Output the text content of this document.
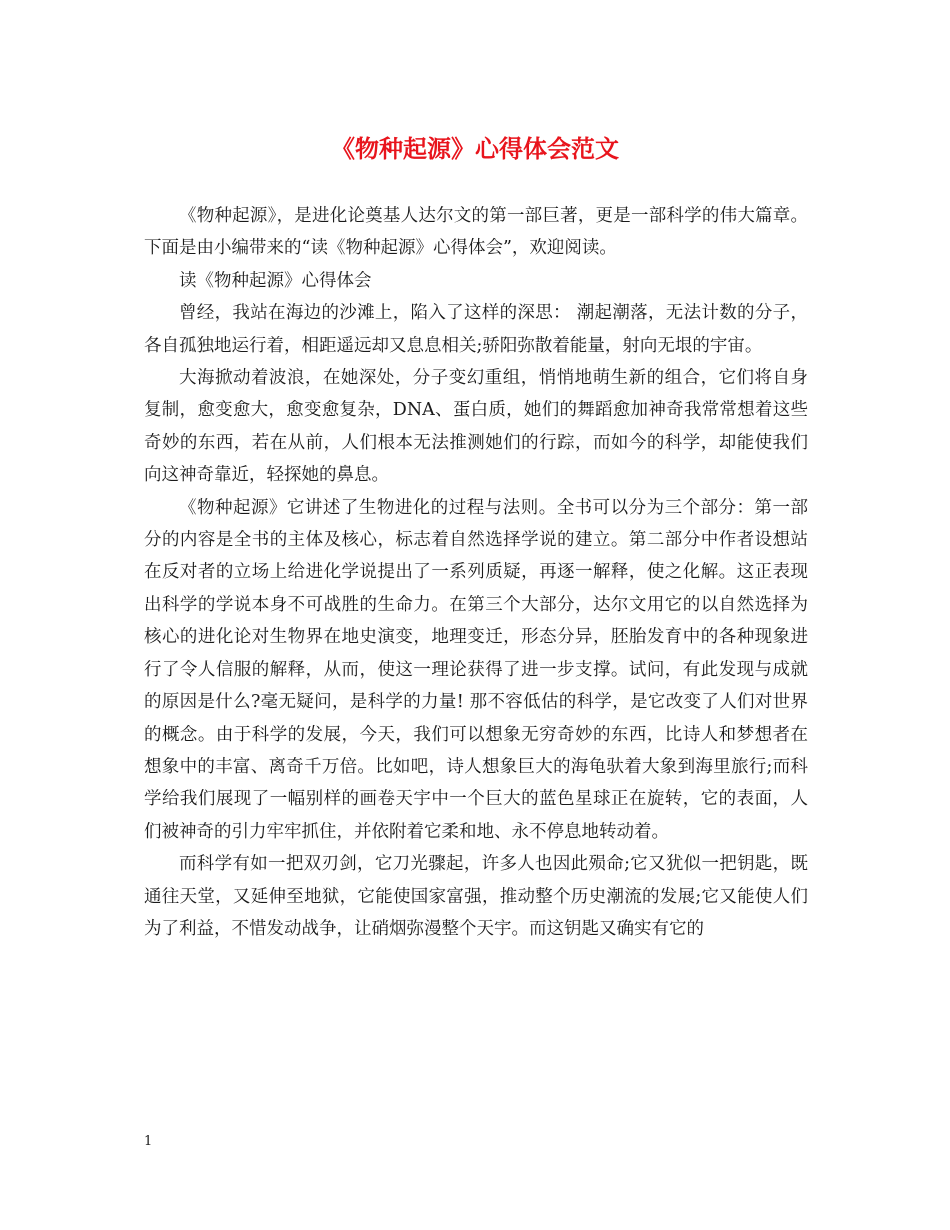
《物种起源》心得体会范文

《物种起源》，是进化论奠基人达尔文的第一部巨著，更是一部科学的伟大篇章。下面是由小编带来的“读《物种起源》心得体会”，欢迎阅读。

读《物种起源》心得体会

曾经，我站在海边的沙滩上，陷入了这样的深思： 潮起潮落，无法计数的分子，各自孤独地运行着，相距遥远却又息息相关;骄阳弥散着能量，射向无垠的宇宙。

大海掀动着波浪，在她深处，分子变幻重组，悄悄地萌生新的组合，它们将自身复制，愈变愈大，愈变愈复杂，DNA、蛋白质，她们的舞蹈愈加神奇我常常想着这些奇妙的东西，若在从前，人们根本无法推测她们的行踪，而如今的科学，却能使我们向这神奇靠近，轻探她的鼻息。

《物种起源》它讲述了生物进化的过程与法则。全书可以分为三个部分：第一部分的内容是全书的主体及核心，标志着自然选择学说的建立。第二部分中作者设想站在反对者的立场上给进化学说提出了一系列质疑，再逐一解释，使之化解。这正表现出科学的学说本身不可战胜的生命力。在第三个大部分，达尔文用它的以自然选择为核心的进化论对生物界在地史演变，地理变迁，形态分异，胚胎发育中的各种现象进行了令人信服的解释，从而，使这一理论获得了进一步支撑。试问，有此发现与成就的原因是什么?毫无疑问，是科学的力量! 那不容低估的科学，是它改变了人们对世界的概念。由于科学的发展，今天，我们可以想象无穷奇妙的东西，比诗人和梦想者在想象中的丰富、离奇千万倍。比如吧，诗人想象巨大的海龟驮着大象到海里旅行;而科学给我们展现了一幅别样的画卷天宇中一个巨大的蓝色星球正在旋转，它的表面，人们被神奇的引力牢牢抓住，并依附着它柔和地、永不停息地转动着。

而科学有如一把双刃剑，它刀光骤起，许多人也因此殒命;它又犹似一把钥匙，既通往天堂，又延伸至地狱，它能使国家富强，推动整个历史潮流的发展;它又能使人们为了利益，不惜发动战争，让硝烟弥漫整个天宇。而这钥匙又确实有它的

1
